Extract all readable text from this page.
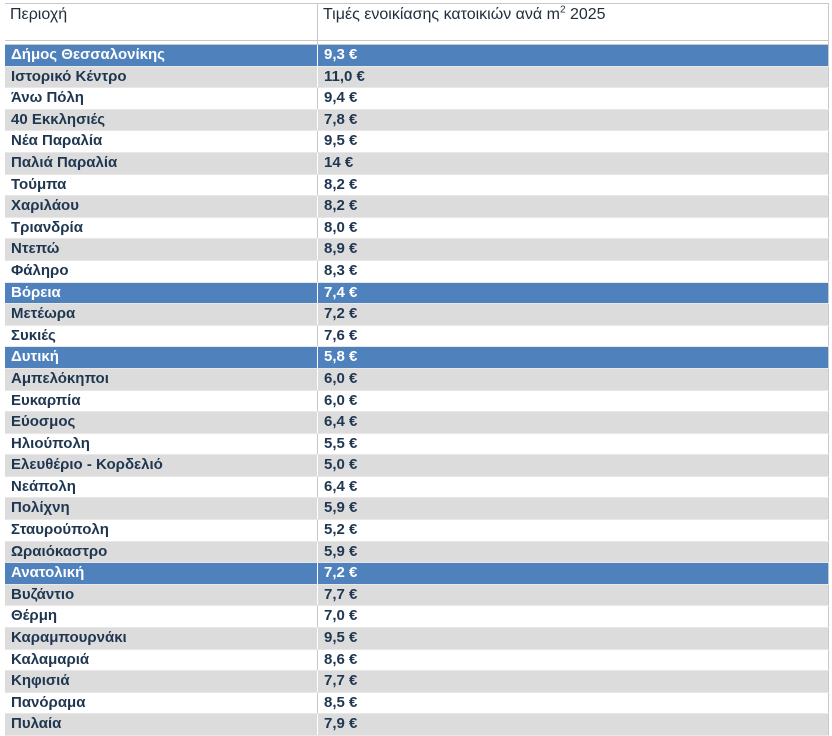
Περιοχή	Τιμές ενοικίασης κατοικιών ανά $m^2$ 2025
Δήμος Θεσσαλονίκης	9,3 €
Ιστορικό Κέντρο	11,0 €
Άνω Πόλη	9,4 €
40 Εκκλησιές	7,8 €
Νέα Παραλία	9,5 €
Παλιά Παραλία	14 €
Τούμπα	8,2 €
Χαριλάου	8,2 €
Τριανδρία	8,0 €
Ντεπώ	8,9 €
Φάληρο	8,3 €
Βόρεια	7,4 €
Μετέωρα	7,2 €
Συκιές	7,6 €
Δυτική	5,8 €
Αμπελόκηποι	6,0 €
Ευκαρπία	6,0 €
Εύοσμος	6,4 €
Ηλιούπολη	5,5 €
Ελευθέριο - Κορδελιό	5,0 €
Νεάπολη	6,4 €
Πολίχνη	5,9 €
Σταυρούπολη	5,2 €
Ωραιόκαστρο	5,9 €
Ανατολική	7,2 €
Βυζάντιο	7,7 €
Θέρμη	7,0 €
Καραμπουρνάκι	9,5 €
Καλαμαριά	8,6 €
Κηφισιά	7,7 €
Πανόραμα	8,5 €
Πυλαία	7,9 €
